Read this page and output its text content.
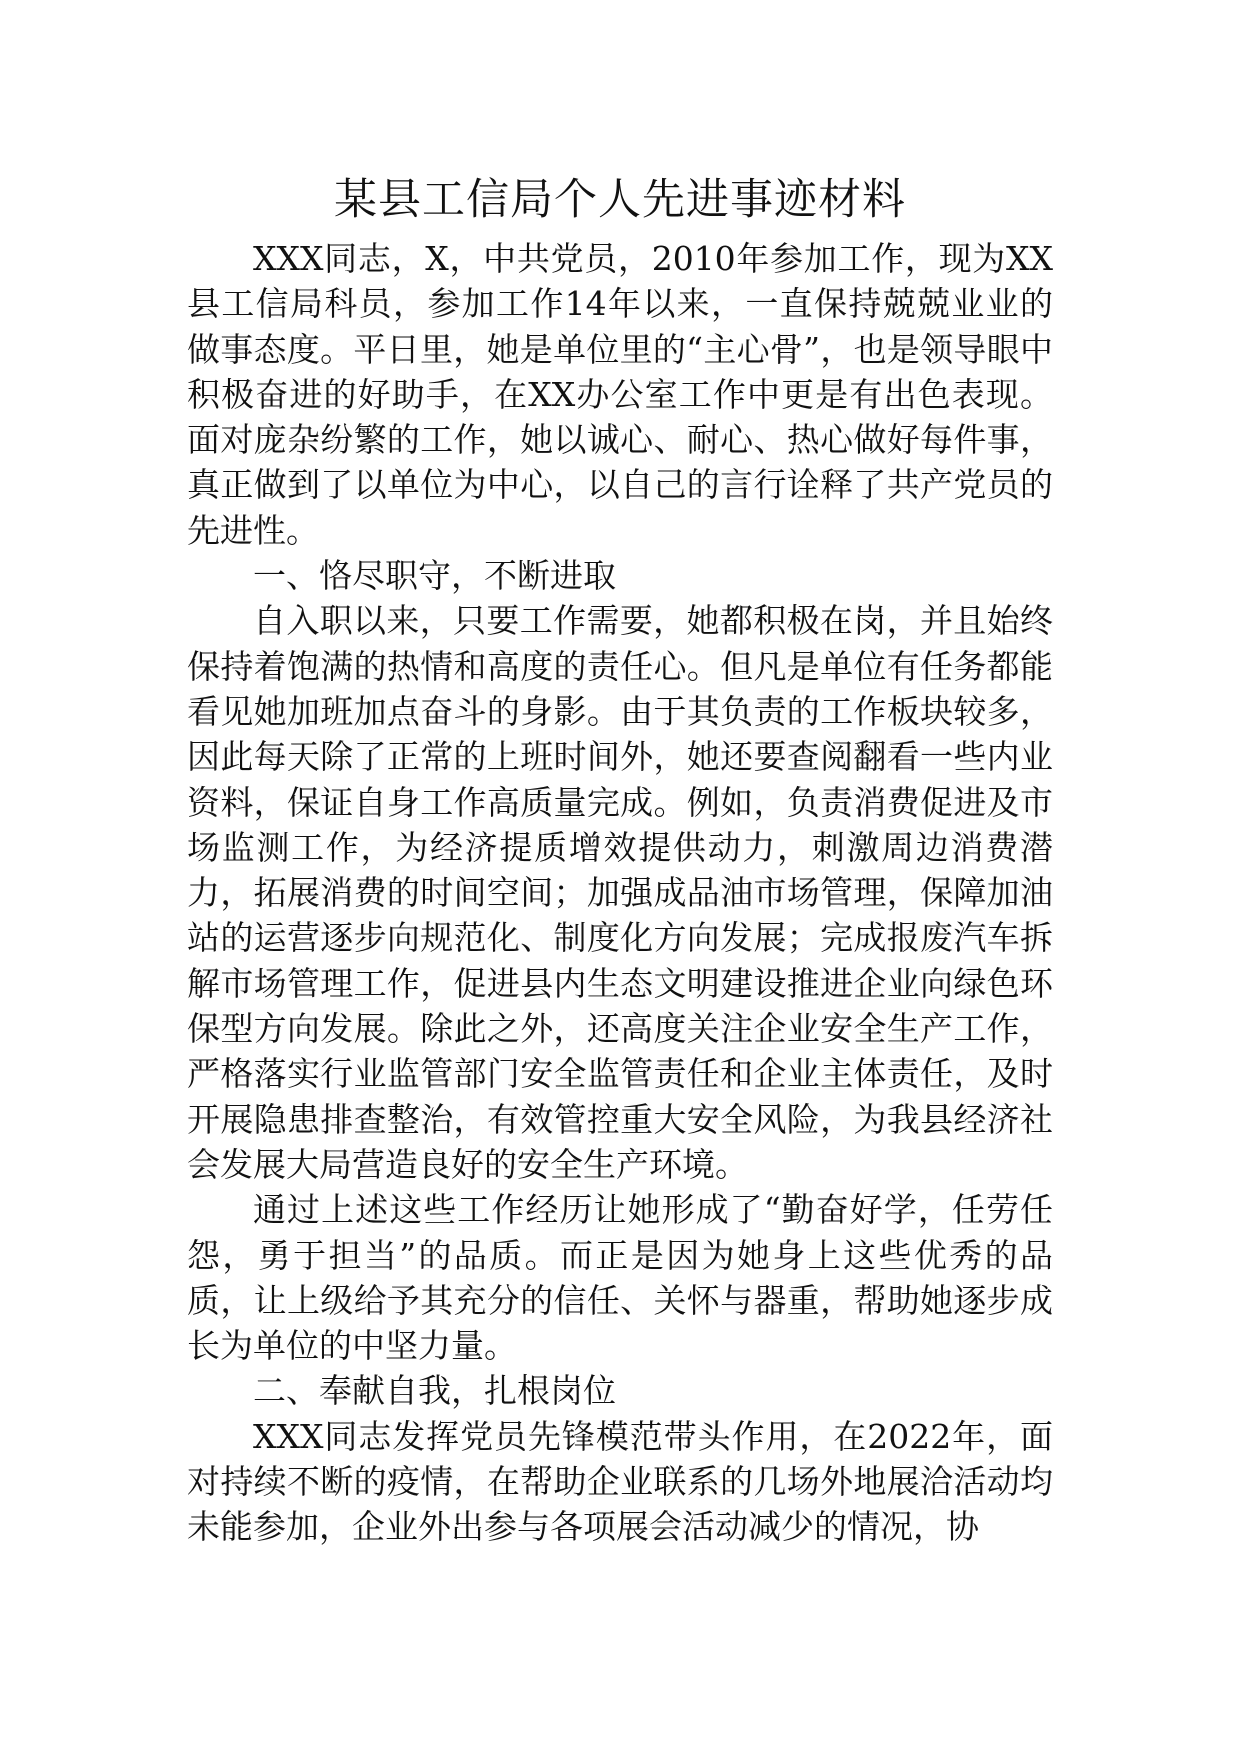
某县工信局个人先进事迹材料

XXX同志，X，中共党员，2010年参加工作，现为XX县工信局科员，参加工作14年以来，一直保持兢兢业业的做事态度。平日里，她是单位里的“主心骨”，也是领导眼中积极奋进的好助手，在XX办公室工作中更是有出色表现。面对庞杂纷繁的工作，她以诚心、耐心、热心做好每件事，真正做到了以单位为中心，以自己的言行诠释了共产党员的先进性。

一、恪尽职守，不断进取

自入职以来，只要工作需要，她都积极在岗，并且始终保持着饱满的热情和高度的责任心。但凡是单位有任务都能看见她加班加点奋斗的身影。由于其负责的工作板块较多，因此每天除了正常的上班时间外，她还要查阅翻看一些内业资料，保证自身工作高质量完成。例如，负责消费促进及市场监测工作，为经济提质增效提供动力，刺激周边消费潜力，拓展消费的时间空间；加强成品油市场管理，保障加油站的运营逐步向规范化、制度化方向发展；完成报废汽车拆解市场管理工作，促进县内生态文明建设推进企业向绿色环保型方向发展。除此之外，还高度关注企业安全生产工作，严格落实行业监管部门安全监管责任和企业主体责任，及时开展隐患排查整治，有效管控重大安全风险，为我县经济社会发展大局营造良好的安全生产环境。

通过上述这些工作经历让她形成了“勤奋好学，任劳任怨，勇于担当”的品质。而正是因为她身上这些优秀的品质，让上级给予其充分的信任、关怀与器重，帮助她逐步成长为单位的中坚力量。

二、奉献自我，扎根岗位

XXX同志发挥党员先锋模范带头作用，在2022年，面对持续不断的疫情，在帮助企业联系的几场外地展洽活动均未能参加，企业外出参与各项展会活动减少的情况，协
